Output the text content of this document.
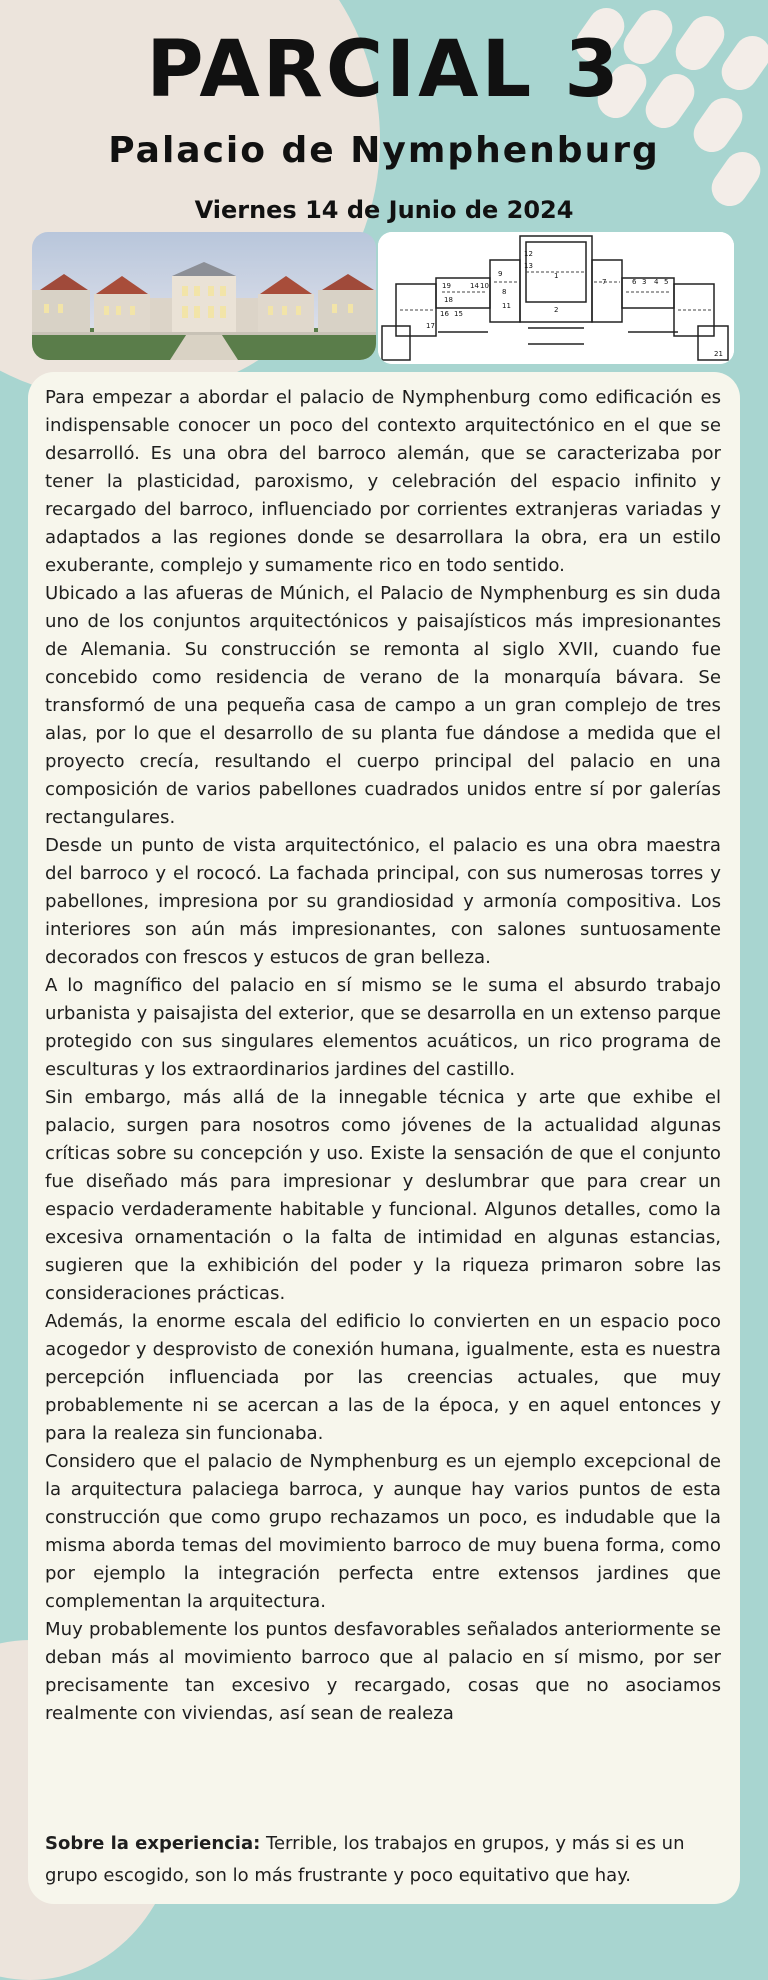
PARCIAL 3
Palacio de Nymphenburg
Viernes 14 de Junio de 2024
12
13
9
8
1
2
7	6 3 4 5
19
18
14
16 15
17
10
11
21

Para empezar a abordar el palacio de Nymphenburg como edificación es indispensable conocer un poco del contexto arquitectónico en el que se desarrolló. Es una obra del barroco alemán, que se caracterizaba por tener la plasticidad, paroxismo, y celebración del espacio infinito y recargado del barroco, influenciado por corrientes extranjeras variadas y adaptados a las regiones donde se desarrollara la obra, era un estilo exuberante, complejo y sumamente rico en todo sentido.

Ubicado a las afueras de Múnich, el Palacio de Nymphenburg es sin duda uno de los conjuntos arquitectónicos y paisajísticos más impresionantes de Alemania. Su construcción se remonta al siglo XVII, cuando fue concebido como residencia de verano de la monarquía bávara. Se transformó de una pequeña casa de campo a un gran complejo de tres alas, por lo que el desarrollo de su planta fue dándose a medida que el proyecto crecía, resultando el cuerpo principal del palacio en una composición de varios pabellones cuadrados unidos entre sí por galerías rectangulares.

Desde un punto de vista arquitectónico, el palacio es una obra maestra del barroco y el rococó. La fachada principal, con sus numerosas torres y pabellones, impresiona por su grandiosidad y armonía compositiva. Los interiores son aún más impresionantes, con salones suntuosamente decorados con frescos y estucos de gran belleza.

A lo magnífico del palacio en sí mismo se le suma el absurdo trabajo urbanista y paisajista del exterior, que se desarrolla en un extenso parque protegido con sus singulares elementos acuáticos, un rico programa de esculturas y los extraordinarios jardines del castillo.

Sin embargo, más allá de la innegable técnica y arte que exhibe el palacio, surgen para nosotros como jóvenes de la actualidad algunas críticas sobre su concepción y uso. Existe la sensación de que el conjunto fue diseñado más para impresionar y deslumbrar que para crear un espacio verdaderamente habitable y funcional. Algunos detalles, como la excesiva ornamentación o la falta de intimidad en algunas estancias, sugieren que la exhibición del poder y la riqueza primaron sobre las consideraciones prácticas.

Además, la enorme escala del edificio lo convierten en un espacio poco acogedor y desprovisto de conexión humana, igualmente, esta es nuestra percepción influenciada por las creencias actuales, que muy probablemente ni se acercan a las de la época, y en aquel entonces y para la realeza sin funcionaba.

Considero que el palacio de Nymphenburg es un ejemplo excepcional de la arquitectura palaciega barroca, y aunque hay varios puntos de esta construcción que como grupo rechazamos un poco, es indudable que la misma aborda temas del movimiento barroco de muy buena forma, como por ejemplo la integración perfecta entre extensos jardines que complementan la arquitectura.

Muy probablemente los puntos desfavorables señalados anteriormente se deban más al movimiento barroco que al palacio en sí mismo, por ser precisamente tan excesivo y recargado, cosas que no asociamos realmente con viviendas, así sean de realeza

Sobre la experiencia: Terrible, los trabajos en grupos, y más si es un grupo escogido, son lo más frustrante y poco equitativo que hay.
